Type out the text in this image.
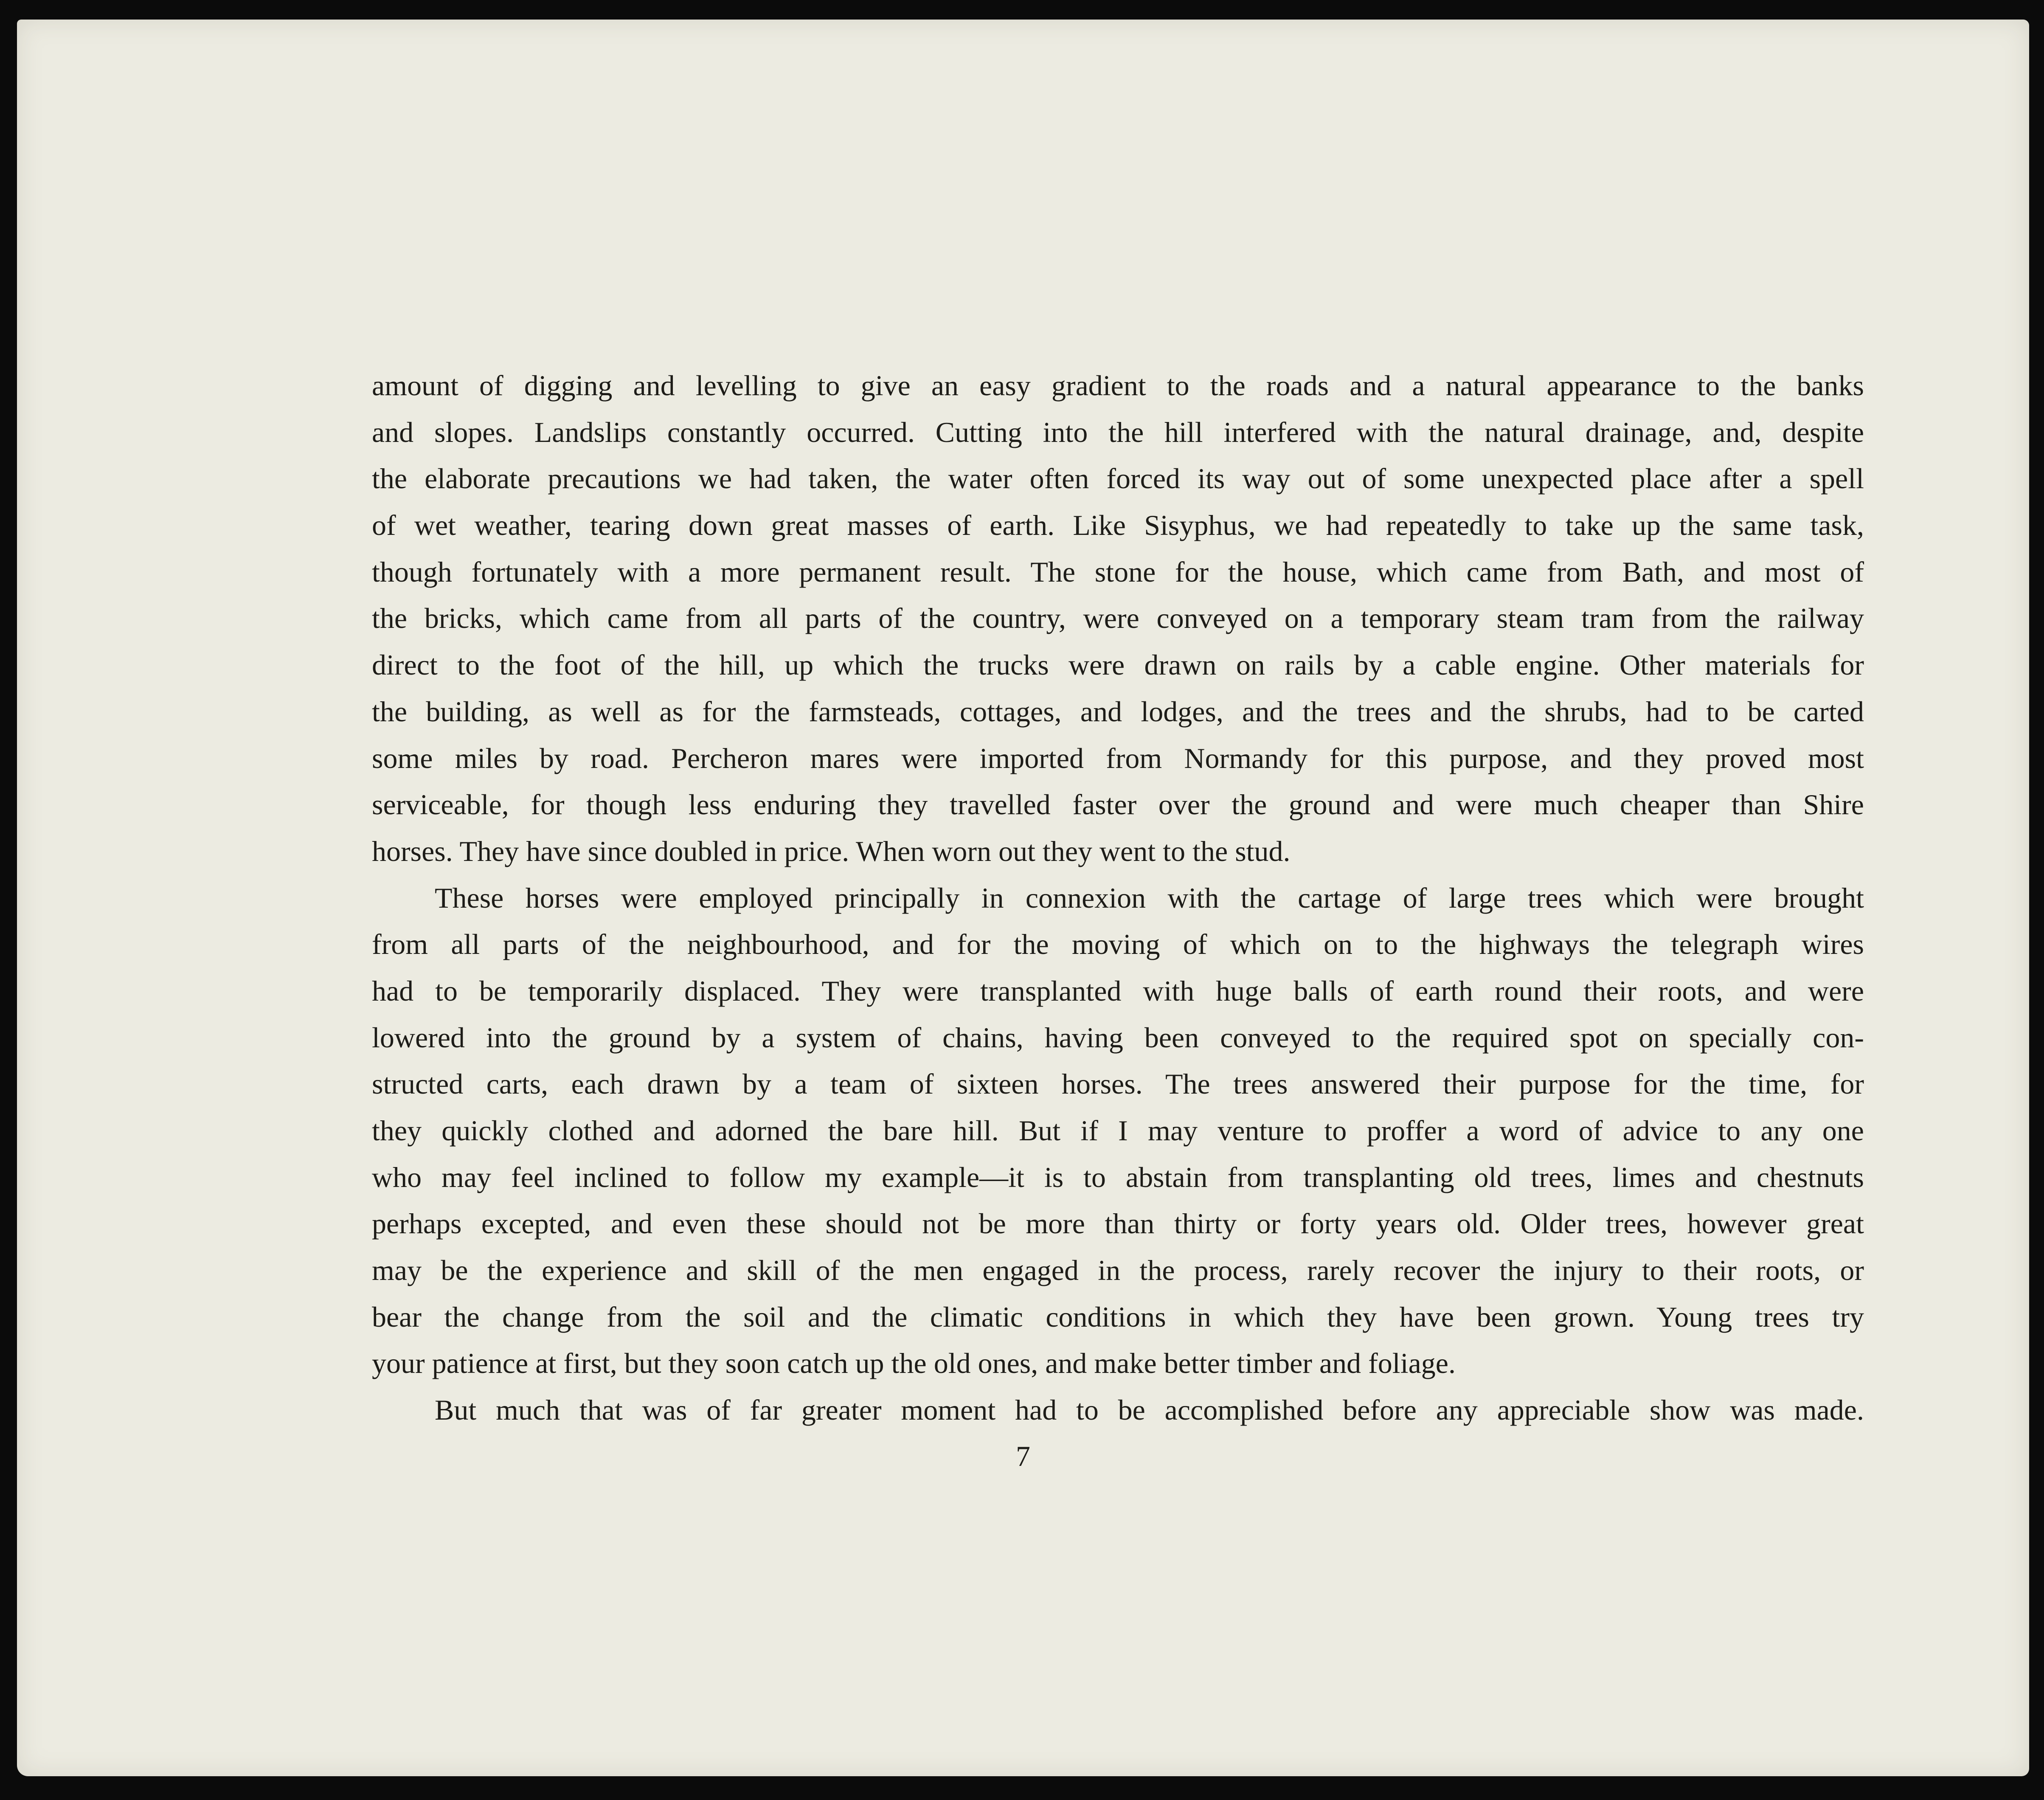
amount of digging and levelling to give an easy gradient to the roads and a natural appearance to the banks
and slopes. Landslips constantly occurred. Cutting into the hill interfered with the natural drainage, and, despite
the elaborate precautions we had taken, the water often forced its way out of some unexpected place after a spell
of wet weather, tearing down great masses of earth. Like Sisyphus, we had repeatedly to take up the same task,
though fortunately with a more permanent result. The stone for the house, which came from Bath, and most of
the bricks, which came from all parts of the country, were conveyed on a temporary steam tram from the railway
direct to the foot of the hill, up which the trucks were drawn on rails by a cable engine. Other materials for
the building, as well as for the farmsteads, cottages, and lodges, and the trees and the shrubs, had to be carted
some miles by road. Percheron mares were imported from Normandy for this purpose, and they proved most
serviceable, for though less enduring they travelled faster over the ground and were much cheaper than Shire
horses. They have since doubled in price. When worn out they went to the stud.

These horses were employed principally in connexion with the cartage of large trees which were brought
from all parts of the neighbourhood, and for the moving of which on to the highways the telegraph wires
had to be temporarily displaced. They were transplanted with huge balls of earth round their roots, and were
lowered into the ground by a system of chains, having been conveyed to the required spot on specially con-
structed carts, each drawn by a team of sixteen horses. The trees answered their purpose for the time, for
they quickly clothed and adorned the bare hill. But if I may venture to proffer a word of advice to any one
who may feel inclined to follow my example—it is to abstain from transplanting old trees, limes and chestnuts
perhaps excepted, and even these should not be more than thirty or forty years old. Older trees, however great
may be the experience and skill of the men engaged in the process, rarely recover the injury to their roots, or
bear the change from the soil and the climatic conditions in which they have been grown. Young trees try
your patience at first, but they soon catch up the old ones, and make better timber and foliage.

But much that was of far greater moment had to be accomplished before any appreciable show was made.

7
